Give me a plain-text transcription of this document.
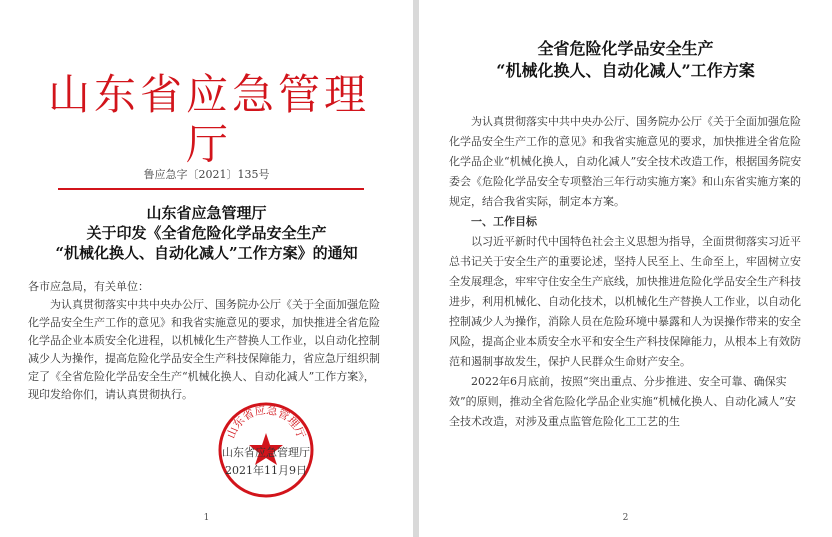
山东省应急管理厅
鲁应急字〔2021〕135号
山东省应急管理厅
关于印发《全省危险化学品安全生产
“机械化换人、自动化减人”工作方案》的通知
各市应急局，有关单位：
为认真贯彻落实中共中央办公厅、国务院办公厅《关于全面加强危险化学品安全生产工作的意见》和我省实施意见的要求，加快推进全省危险化学品企业本质安全化进程，以机械化生产替换人工作业，以自动化控制减少人为操作，提高危险化学品安全生产科技保障能力，省应急厅组织制定了《全省危险化学品安全生产“机械化换人、自动化减人”工作方案》，现印发给你们，请认真贯彻执行。
山东省应急管理厅
山东省应急管理厅
2021年11月9日
1
全省危险化学品安全生产
“机械化换人、自动化减人”工作方案
为认真贯彻落实中共中央办公厅、国务院办公厅《关于全面加强危险化学品安全生产工作的意见》和我省实施意见的要求，加快推进全省危险化学品企业“机械化换人，自动化减人”安全技术改造工作，根据国务院安委会《危险化学品安全专项整治三年行动实施方案》和山东省实施方案的规定，结合我省实际，制定本方案。
一、工作目标
以习近平新时代中国特色社会主义思想为指导，全面贯彻落实习近平总书记关于安全生产的重要论述，坚持人民至上、生命至上，牢固树立安全发展理念，牢牢守住安全生产底线，加快推进危险化学品安全生产科技进步，利用机械化、自动化技术，以机械化生产替换人工作业，以自动化控制减少人为操作，消除人员在危险环境中暴露和人为误操作带来的安全风险，提高企业本质安全水平和安全生产科技保障能力，从根本上有效防范和遏制事故发生，保护人民群众生命财产安全。
2022年6月底前，按照“突出重点、分步推进、安全可靠、确保实效”的原则，推动全省危险化学品企业实施“机械化换人、自动化减人”安全技术改造，对涉及重点监管危险化工工艺的生
2
